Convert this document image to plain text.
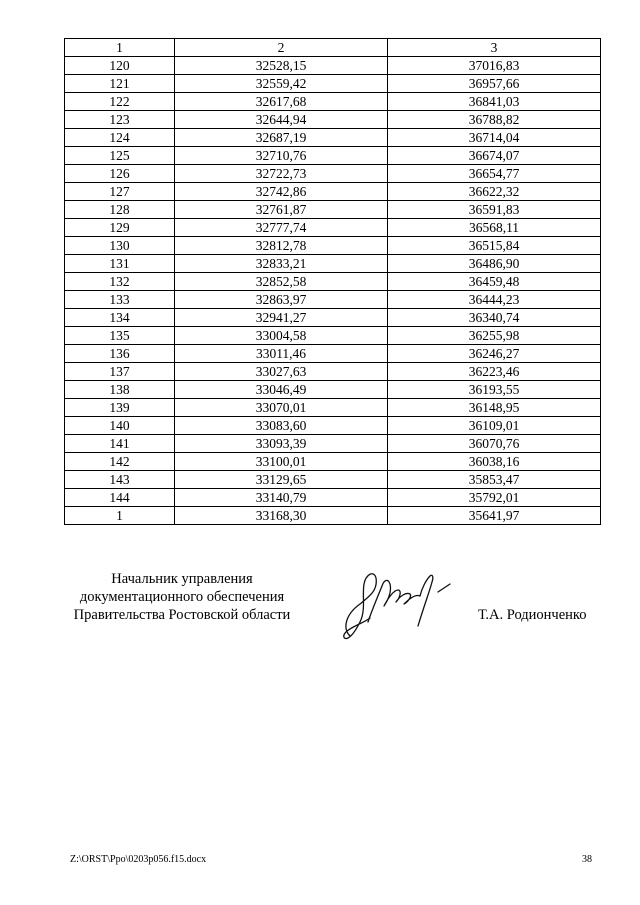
1	2	3
120	32528,15	37016,83
121	32559,42	36957,66
122	32617,68	36841,03
123	32644,94	36788,82
124	32687,19	36714,04
125	32710,76	36674,07
126	32722,73	36654,77
127	32742,86	36622,32
128	32761,87	36591,83
129	32777,74	36568,11
130	32812,78	36515,84
131	32833,21	36486,90
132	32852,58	36459,48
133	32863,97	36444,23
134	32941,27	36340,74
135	33004,58	36255,98
136	33011,46	36246,27
137	33027,63	36223,46
138	33046,49	36193,55
139	33070,01	36148,95
140	33083,60	36109,01
141	33093,39	36070,76
142	33100,01	36038,16
143	33129,65	35853,47
144	33140,79	35792,01
1	33168,30	35641,97
Начальник управления
документационного обеспечения
Правительства Ростовской области	Т.А. Родионченко
Z:\ORST\Ppo\0203p056.f15.docx	38
